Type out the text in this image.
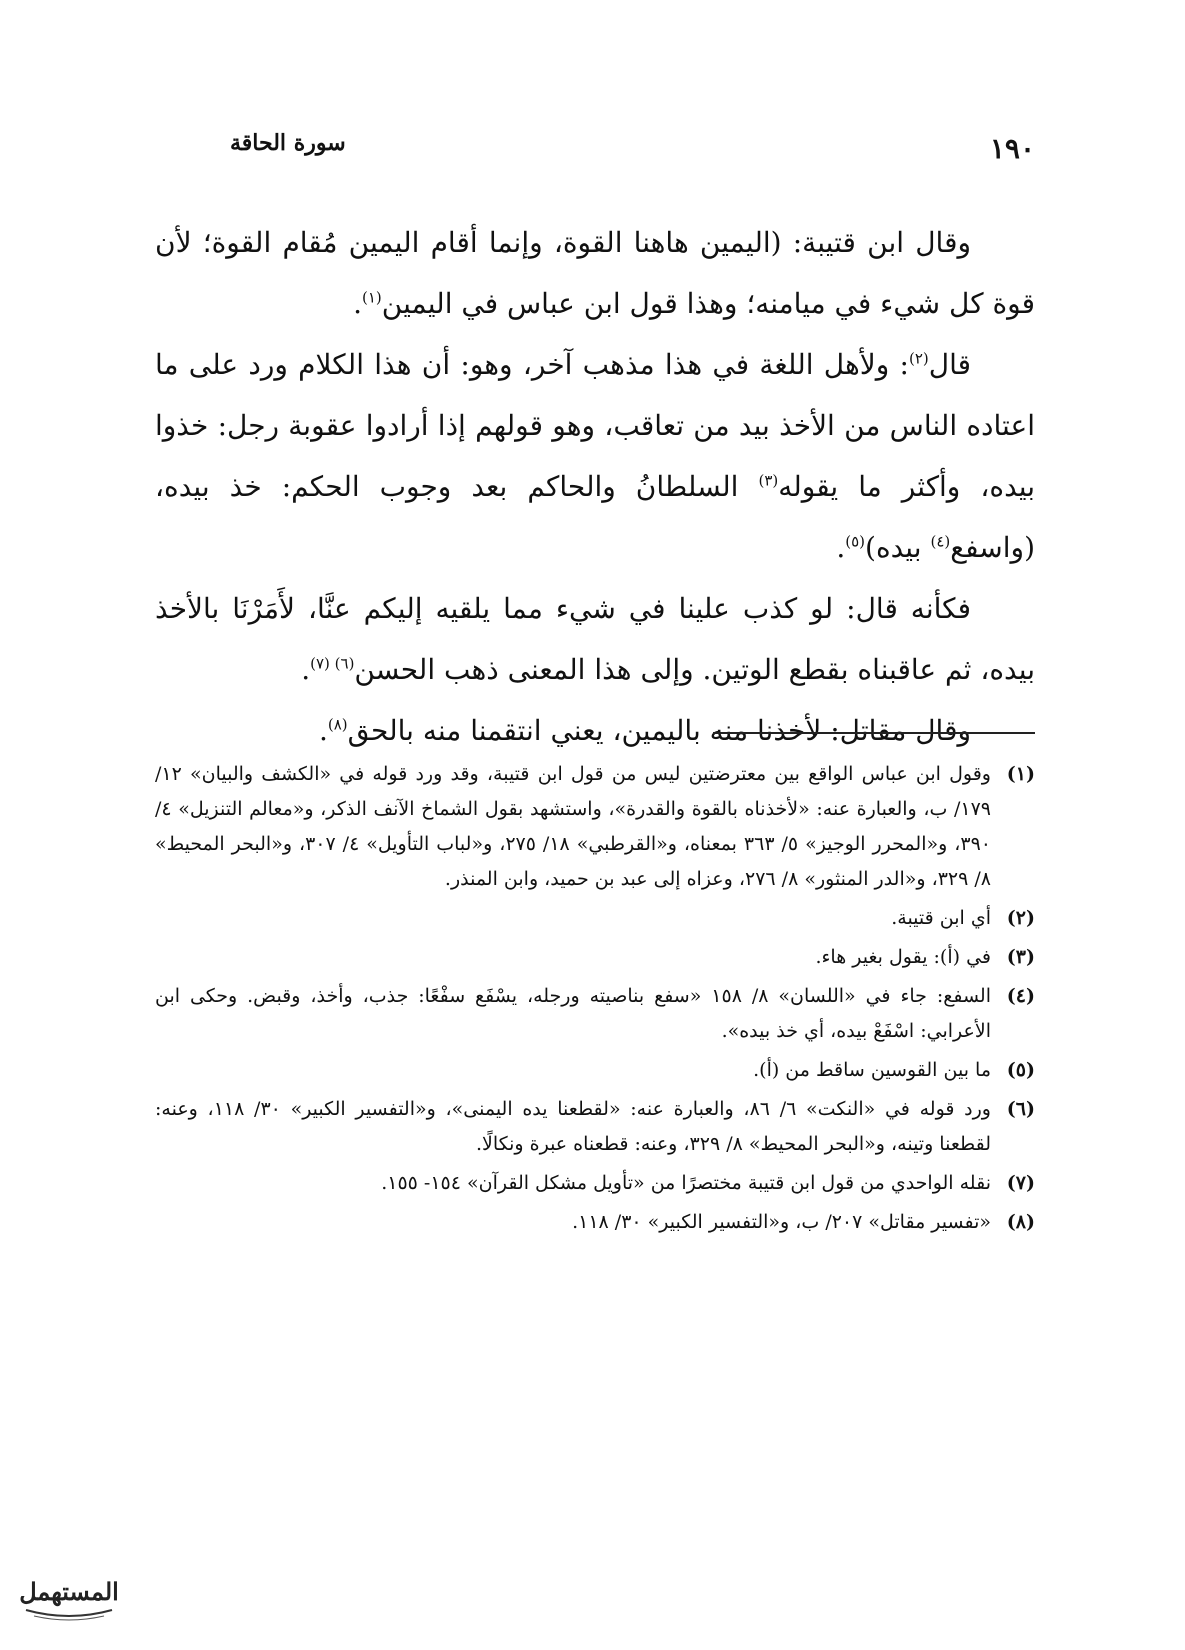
١٩٠
سورة الحاقة

وقال ابن قتيبة: (اليمين هاهنا القوة، وإنما أقام اليمين مُقام القوة؛ لأن قوة كل شيء في ميامنه؛ وهذا قول ابن عباس في اليمين$^{(١)}$.

قال$^{(٢)}$: ولأهل اللغة في هذا مذهب آخر، وهو: أن هذا الكلام ورد على ما اعتاده الناس من الأخذ بيد من تعاقب، وهو قولهم إذا أرادوا عقوبة رجل: خذوا بيده، وأكثر ما يقوله$^{(٣)}$ السلطانُ والحاكم بعد وجوب الحكم: خذ بيده، (واسفع$^{(٤)}$ بيده)$^{(٥)}$.

فكأنه قال: لو كذب علينا في شيء مما يلقيه إليكم عنَّا، لأَمَرْنَا بالأخذ بيده، ثم عاقبناه بقطع الوتين. وإلى هذا المعنى ذهب الحسن$^{(٦) (٧)}$.

وقال مقاتل: لأخذنا منه باليمين، يعني انتقمنا منه بالحق$^{(٨)}$.

(١)
وقول ابن عباس الواقع بين معترضتين ليس من قول ابن قتيبة، وقد ورد قوله في «الكشف والبيان» ١٢/ ١٧٩/ ب، والعبارة عنه: «لأخذناه بالقوة والقدرة»، واستشهد بقول الشماخ الآنف الذكر، و«معالم التنزيل» ٤/ ٣٩٠، و«المحرر الوجيز» ٥/ ٣٦٣ بمعناه، و«القرطبي» ١٨/ ٢٧٥، و«لباب التأويل» ٤/ ٣٠٧، و«البحر المحيط» ٨/ ٣٢٩، و«الدر المنثور» ٨/ ٢٧٦، وعزاه إلى عبد بن حميد، وابن المنذر.
(٢)
أي ابن قتيبة.
(٣)
في (أ): يقول بغير هاء.
(٤)
السفع: جاء في «اللسان» ٨/ ١٥٨ «سفع بناصيته ورجله، يسْفَع سفْعًا: جذب، وأخذ، وقبض. وحكى ابن الأعرابي: اسْفَعْ بيده، أي خذ بيده».
(٥)
ما بين القوسين ساقط من (أ).
(٦)
ورد قوله في «النكت» ٦/ ٨٦، والعبارة عنه: «لقطعنا يده اليمنى»، و«التفسير الكبير» ٣٠/ ١١٨، وعنه: لقطعنا وتينه، و«البحر المحيط» ٨/ ٣٢٩، وعنه: قطعناه عبرة ونكالًا.
(٧)
نقله الواحدي من قول ابن قتيبة مختصرًا من «تأويل مشكل القرآن» ١٥٤- ١٥٥.
(٨)
«تفسير مقاتل» ٢٠٧/ ب، و«التفسير الكبير» ٣٠/ ١١٨.
المستهمل
